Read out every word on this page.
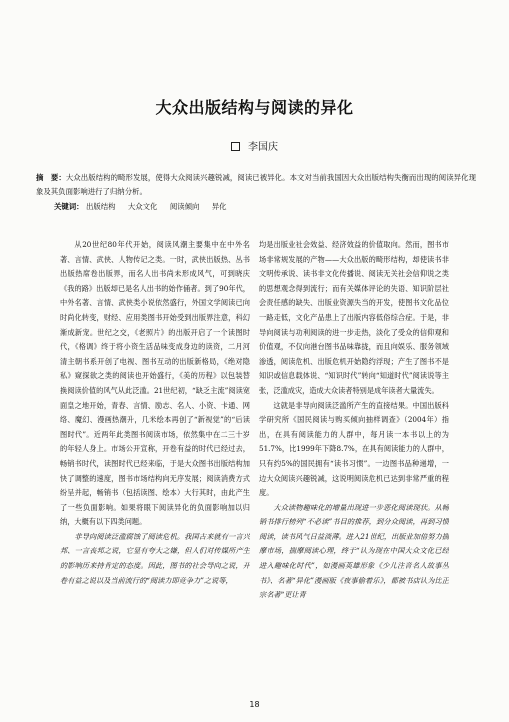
大众出版结构与阅读的异化
李国庆
摘　要：大众出版结构的畸形发展，使得大众阅读兴趣锐减，阅读已被异化。本文对当前我国因大众出版结构失衡而出现的阅读异化现象及其负面影响进行了归纳分析。
关键词： 出版结构 大众文化 阅读倾向 异化

从20世纪80年代开始，阅读风潮主要集中在中外名著、言情、武侠、人物传记之类。一时，武侠出版热、丛书出版热席卷出版界，而名人出书尚未形成风气，可到晓庆《我的路》出版却已是名人出书的始作俑者。到了90年代，中外名著、言情、武侠类小说依然盛行，外国文学阅读已向时尚化转变，财经、应用类图书开始受到出版界注意，科幻渐成新宠。世纪之交，《老照片》的出版开启了一个读图时代，《格调》终于将小资生活品味变成身边的读资，二月河清主朝书系开创了电视、图书互动的出版新格局，《绝对隐私》窥探欲之类的阅读也开始盛行，《美的历程》以包装替换阅读价值的风气从此泛滥。21世纪初，“缺乏主流”阅读宽面皇之地开始，青春、言情、励志、名人、小资、卡通、网络、魔幻、漫画热潮升，几米绘本再创了“新视觉”的“后读图时代”。近两年此类图书阅读市场，依然集中在二三十岁的年轻人身上。市场公开宣称，开卷有益的时代已经过去，畅销书时代，读图时代已经来临，于是大众图书出版结构加快了调整的速度，图书市场结构向无序发展；阅读消费方式纷呈并起，畅销书（包括读图、绘本）大行其时，由此产生了一些负面影响。如果将眼下阅读异化的负面影响加以归纳，大概有以下四类问题。

非导向阅读泛滥腐蚀了阅读危机。我国古来就有一言兴邦、一言丧邦之说，它显有夸大之嫌，但人们对传媒所产生的影响历来持肯定的态度。因此，图书的社会导向之说，开卷有益之说以及当前流行的“阅读力即竞争力”之说等，

均是出版业社会效益、经济效益的价值取向。然而，图书市场非常规发展的产物——大众出版的畸形结构，却使读书非文明传承说、读书非文化传播说、阅读无关社会信仰说之类的思想观念得到流行；而有关媒体评论的失语、知识阶层社会责任感的缺失、出版业资源失当的开发，使图书文化品位一路走低，文化产品患上了出版内容低俗综合症。于是，非导向阅读与功利阅读的进一步走热，淡化了受众的信仰观和价值观，不仅向港台图书品味靠拢，而且向娱乐、服务领域渗透，阅读危机、出版危机开始隐约浮现；产生了图书不是知识或信息载体说、“知识时代”转向“知道时代”阅读说等主张，泛滥成灾，造成大众读者特别是成年读者大量流失。

这就是非导向阅读泛滥所产生的直接结果。中国出版科学研究所《国民阅读与购买倾向抽样调查》（2004年）指出，在具有阅读能力的人群中，每月读一本书以上的为51.7%，比1999年下降8.7%，在具有阅读能力的人群中，只有约5%的国民拥有“读书习惯”。一边图书品种递增，一边大众阅读兴趣锐减，这说明阅读危机已达到非常严重的程度。

大众读物趣味化的增量出现进一步恶化阅读现状。从畅销书排行榜列“不必读”书目的推荐，到分众阅读，再到习惯阅读，读书风气日益淡薄。进入21世纪，出版业加倍努力揣摩市场，揣摩阅读心理，终于“认为现在中国大众文化已经进入趣味化时代”，如漫画英雄形象《少儿注音名人故事丛书》、名著“异化”漫画版《夜事偷着乐》，都被书店认为比正宗名著“更让青

18
